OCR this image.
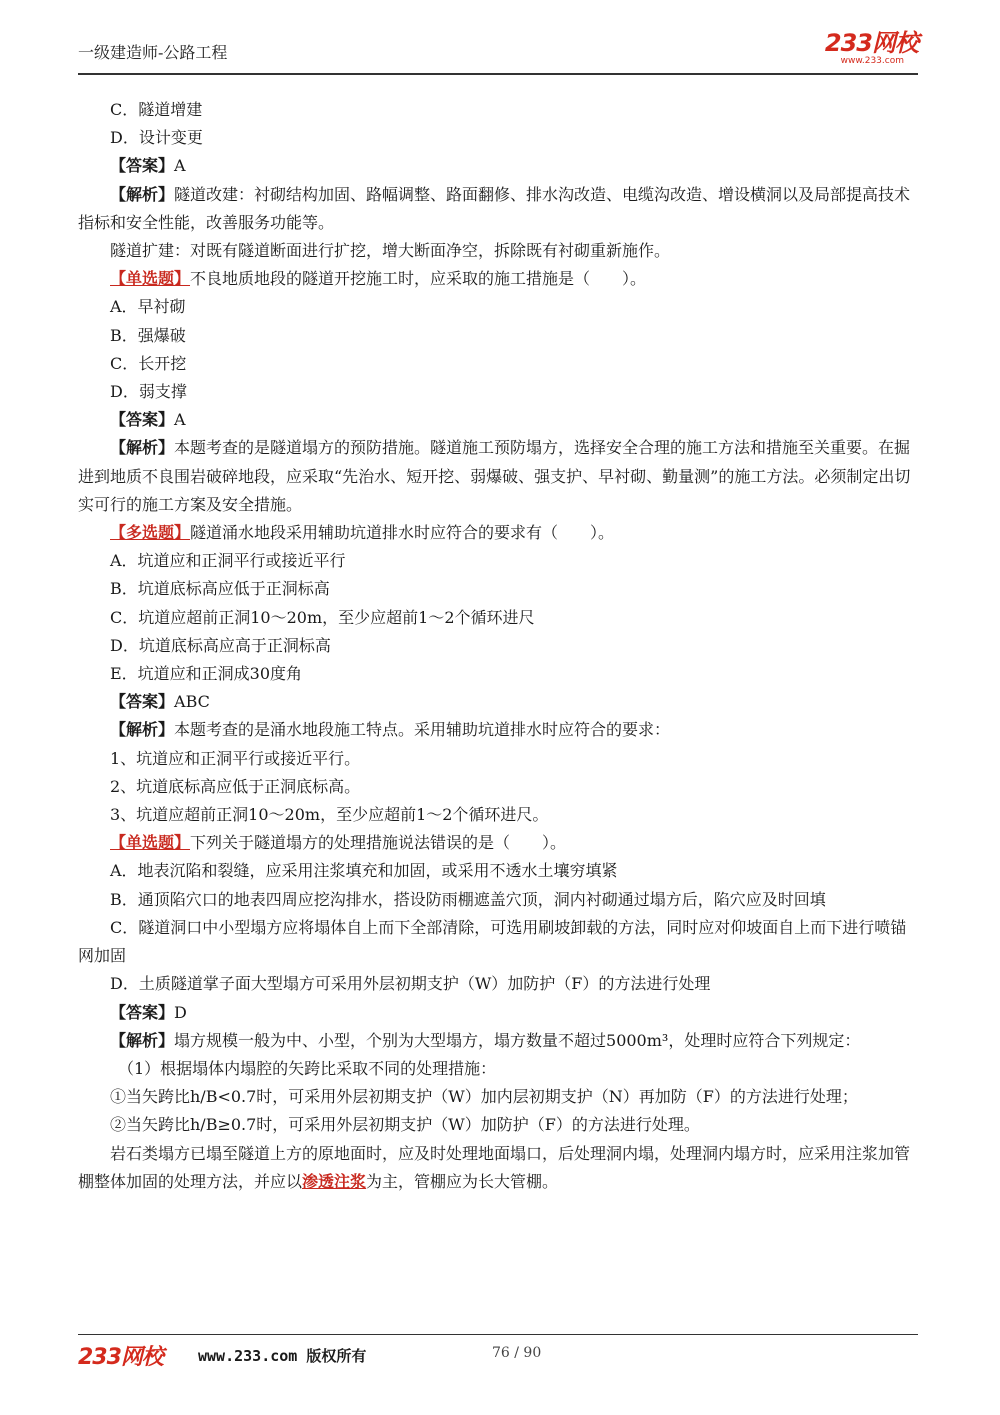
一级建造师-公路工程	233网校
www.233.com
C．隧道增建
D．设计变更
【答案】A
【解析】隧道改建：衬砌结构加固、路幅调整、路面翻修、排水沟改造、电缆沟改造、增设横洞以及局部提高技术指标和安全性能，改善服务功能等。
隧道扩建：对既有隧道断面进行扩挖，增大断面净空，拆除既有衬砌重新施作。
【单选题】不良地质地段的隧道开挖施工时，应采取的施工措施是（　　）。
A．早衬砌
B．强爆破
C．长开挖
D．弱支撑
【答案】A
【解析】本题考查的是隧道塌方的预防措施。隧道施工预防塌方，选择安全合理的施工方法和措施至关重要。在掘进到地质不良围岩破碎地段，应采取“先治水、短开挖、弱爆破、强支护、早衬砌、勤量测”的施工方法。必须制定出切实可行的施工方案及安全措施。
【多选题】隧道涌水地段采用辅助坑道排水时应符合的要求有（　　）。
A．坑道应和正洞平行或接近平行
B．坑道底标高应低于正洞标高
C．坑道应超前正洞10～20m，至少应超前1～2个循环进尺
D．坑道底标高应高于正洞标高
E．坑道应和正洞成30度角
【答案】ABC
【解析】本题考查的是涌水地段施工特点。采用辅助坑道排水时应符合的要求：
1、坑道应和正洞平行或接近平行。
2、坑道底标高应低于正洞底标高。
3、坑道应超前正洞10～20m，至少应超前1～2个循环进尺。
【单选题】下列关于隧道塌方的处理措施说法错误的是（　　）。
A．地表沉陷和裂缝，应采用注浆填充和加固，或采用不透水土壤穷填紧
B．通顶陷穴口的地表四周应挖沟排水，搭设防雨棚遮盖穴顶，洞内衬砌通过塌方后，陷穴应及时回填
C．隧道洞口中小型塌方应将塌体自上而下全部清除，可选用刷坡卸载的方法，同时应对仰坡面自上而下进行喷锚网加固
D．土质隧道掌子面大型塌方可采用外层初期支护（W）加防护（F）的方法进行处理
【答案】D
【解析】塌方规模一般为中、小型，个别为大型塌方，塌方数量不超过5000m³，处理时应符合下列规定：
（1）根据塌体内塌腔的矢跨比采取不同的处理措施：
①当矢跨比h/B<0.7时，可采用外层初期支护（W）加内层初期支护（N）再加防（F）的方法进行处理；
②当矢跨比h/B≥0.7时，可采用外层初期支护（W）加防护（F）的方法进行处理。
岩石类塌方已塌至隧道上方的原地面时，应及时处理地面塌口，后处理洞内塌，处理洞内塌方时，应采用注浆加管棚整体加固的处理方法，并应以渗透注浆为主，管棚应为长大管棚。
233网校 www.233.com 版权所有	76 / 90
